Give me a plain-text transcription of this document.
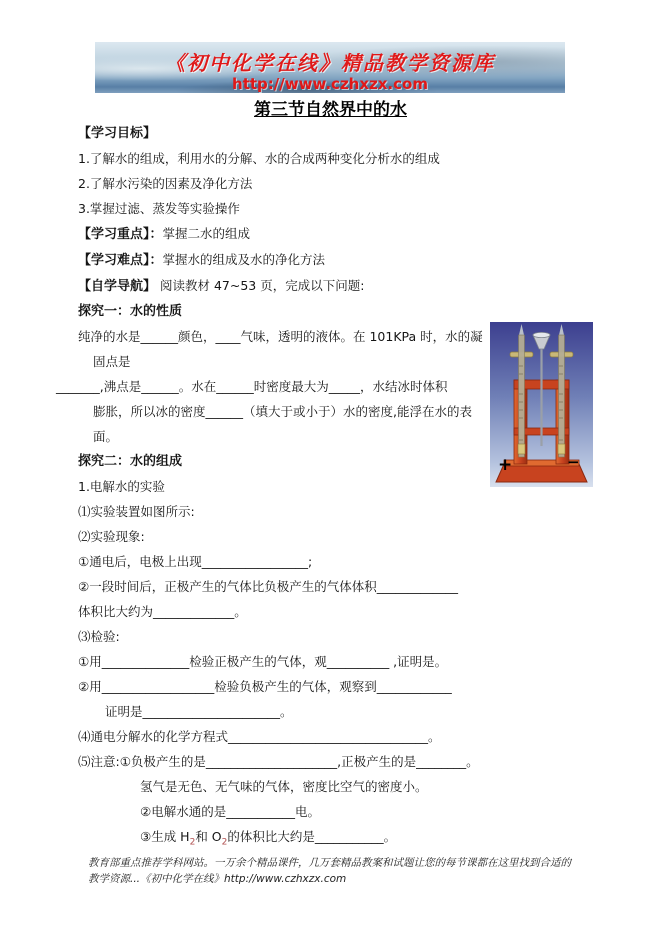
《初中化学在线》精品教学资源库
http://www.czhxzx.com
第三节自然界中的水

【学习目标】

1.了解水的组成，利用水的分解、水的合成两种变化分析水的组成

2.了解水污染的因素及净化方法

3.掌握过滤、蒸发等实验操作

【学习重点】：掌握二水的组成

【学习难点】：掌握水的组成及水的净化方法

【自学导航】 阅读教材 47~53 页，完成以下问题:

探究一：水的性质

纯净的水是______颜色，____气味，透明的液体。在 101KPa 时，水的凝

固点是

_______,沸点是______。水在______时密度最大为_____，水结冰时体积

膨胀，所以冰的密度______（填大于或小于）水的密度,能浮在水的表

面。

探究二：水的组成

1.电解水的实验

⑴实验装置如图所示:

⑵实验现象:

①通电后，电极上出现_________________;

②一段时间后，正极产生的气体比负极产生的气体体积_____________

体积比大约为_____________。

⑶检验:

①用______________检验正极产生的气体，观__________ ,证明是。

②用__________________检验负极产生的气体，观察到____________

证明是______________________。

⑷通电分解水的化学方程式________________________________。

⑸注意:①负极产生的是_____________________,正极产生的是________。

氢气是无色、无气味的气体，密度比空气的密度小。

②电解水通的是___________电。

③生成 $H_2$和 $O_2$的体积比大约是___________。

+	−
教育部重点推荐学科网站。一万余个精品课件，几万套精品教案和试题让您的每节课都在这里找到合适的
教学资源...《初中化学在线》http://www.czhxzx.com
